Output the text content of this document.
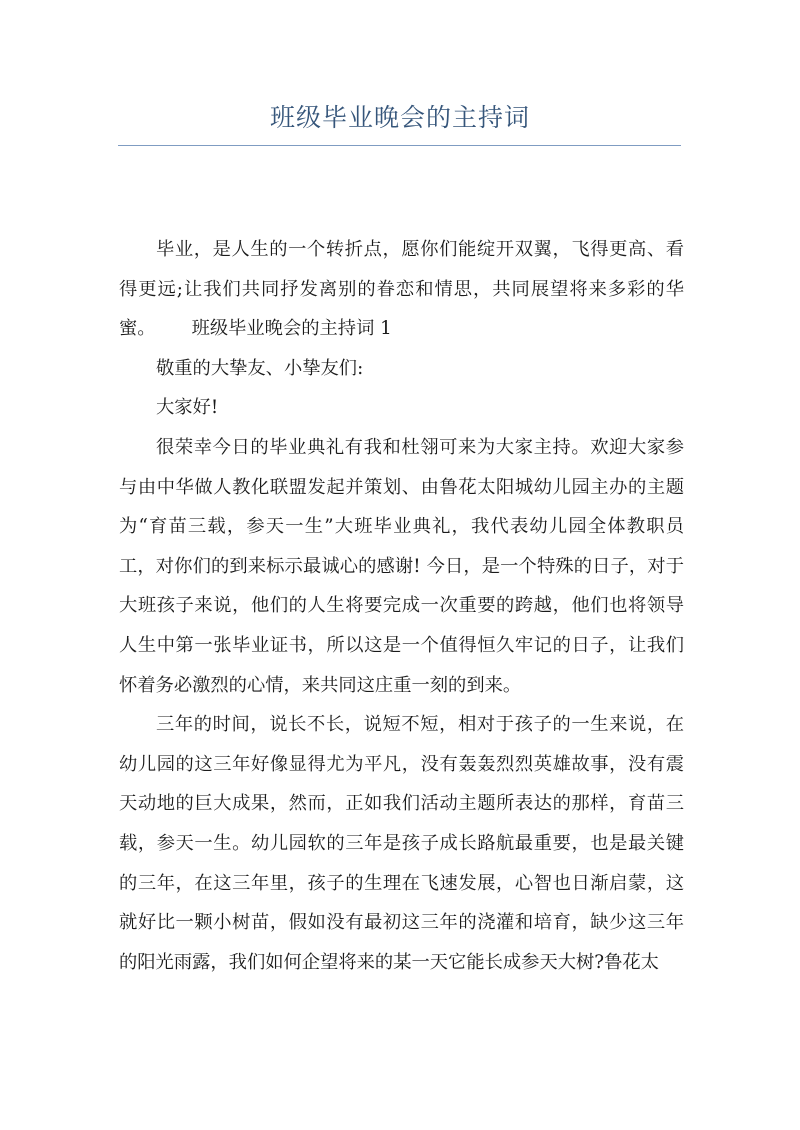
班级毕业晚会的主持词

毕业，是人生的一个转折点，愿你们能绽开双翼，飞得更高、看得更远;让我们共同抒发离别的眷恋和情思，共同展望将来多彩的华蜜。 班级毕业晚会的主持词 1

敬重的大挚友、小挚友们:

大家好!

很荣幸今日的毕业典礼有我和杜翎可来为大家主持。欢迎大家参与由中华做人教化联盟发起并策划、由鲁花太阳城幼儿园主办的主题为“育苗三载，参天一生”大班毕业典礼，我代表幼儿园全体教职员工，对你们的到来标示最诚心的感谢! 今日，是一个特殊的日子，对于大班孩子来说，他们的人生将要完成一次重要的跨越，他们也将领导人生中第一张毕业证书，所以这是一个值得恒久牢记的日子，让我们怀着务必激烈的心情，来共同这庄重一刻的到来。

三年的时间，说长不长，说短不短，相对于孩子的一生来说，在幼儿园的这三年好像显得尤为平凡，没有轰轰烈烈英雄故事，没有震天动地的巨大成果，然而，正如我们活动主题所表达的那样，育苗三载，参天一生。幼儿园软的三年是孩子成长路航最重要，也是最关键的三年，在这三年里，孩子的生理在飞速发展，心智也日渐启蒙，这就好比一颗小树苗，假如没有最初这三年的浇灌和培育，缺少这三年的阳光雨露，我们如何企望将来的某一天它能长成参天大树?鲁花太
